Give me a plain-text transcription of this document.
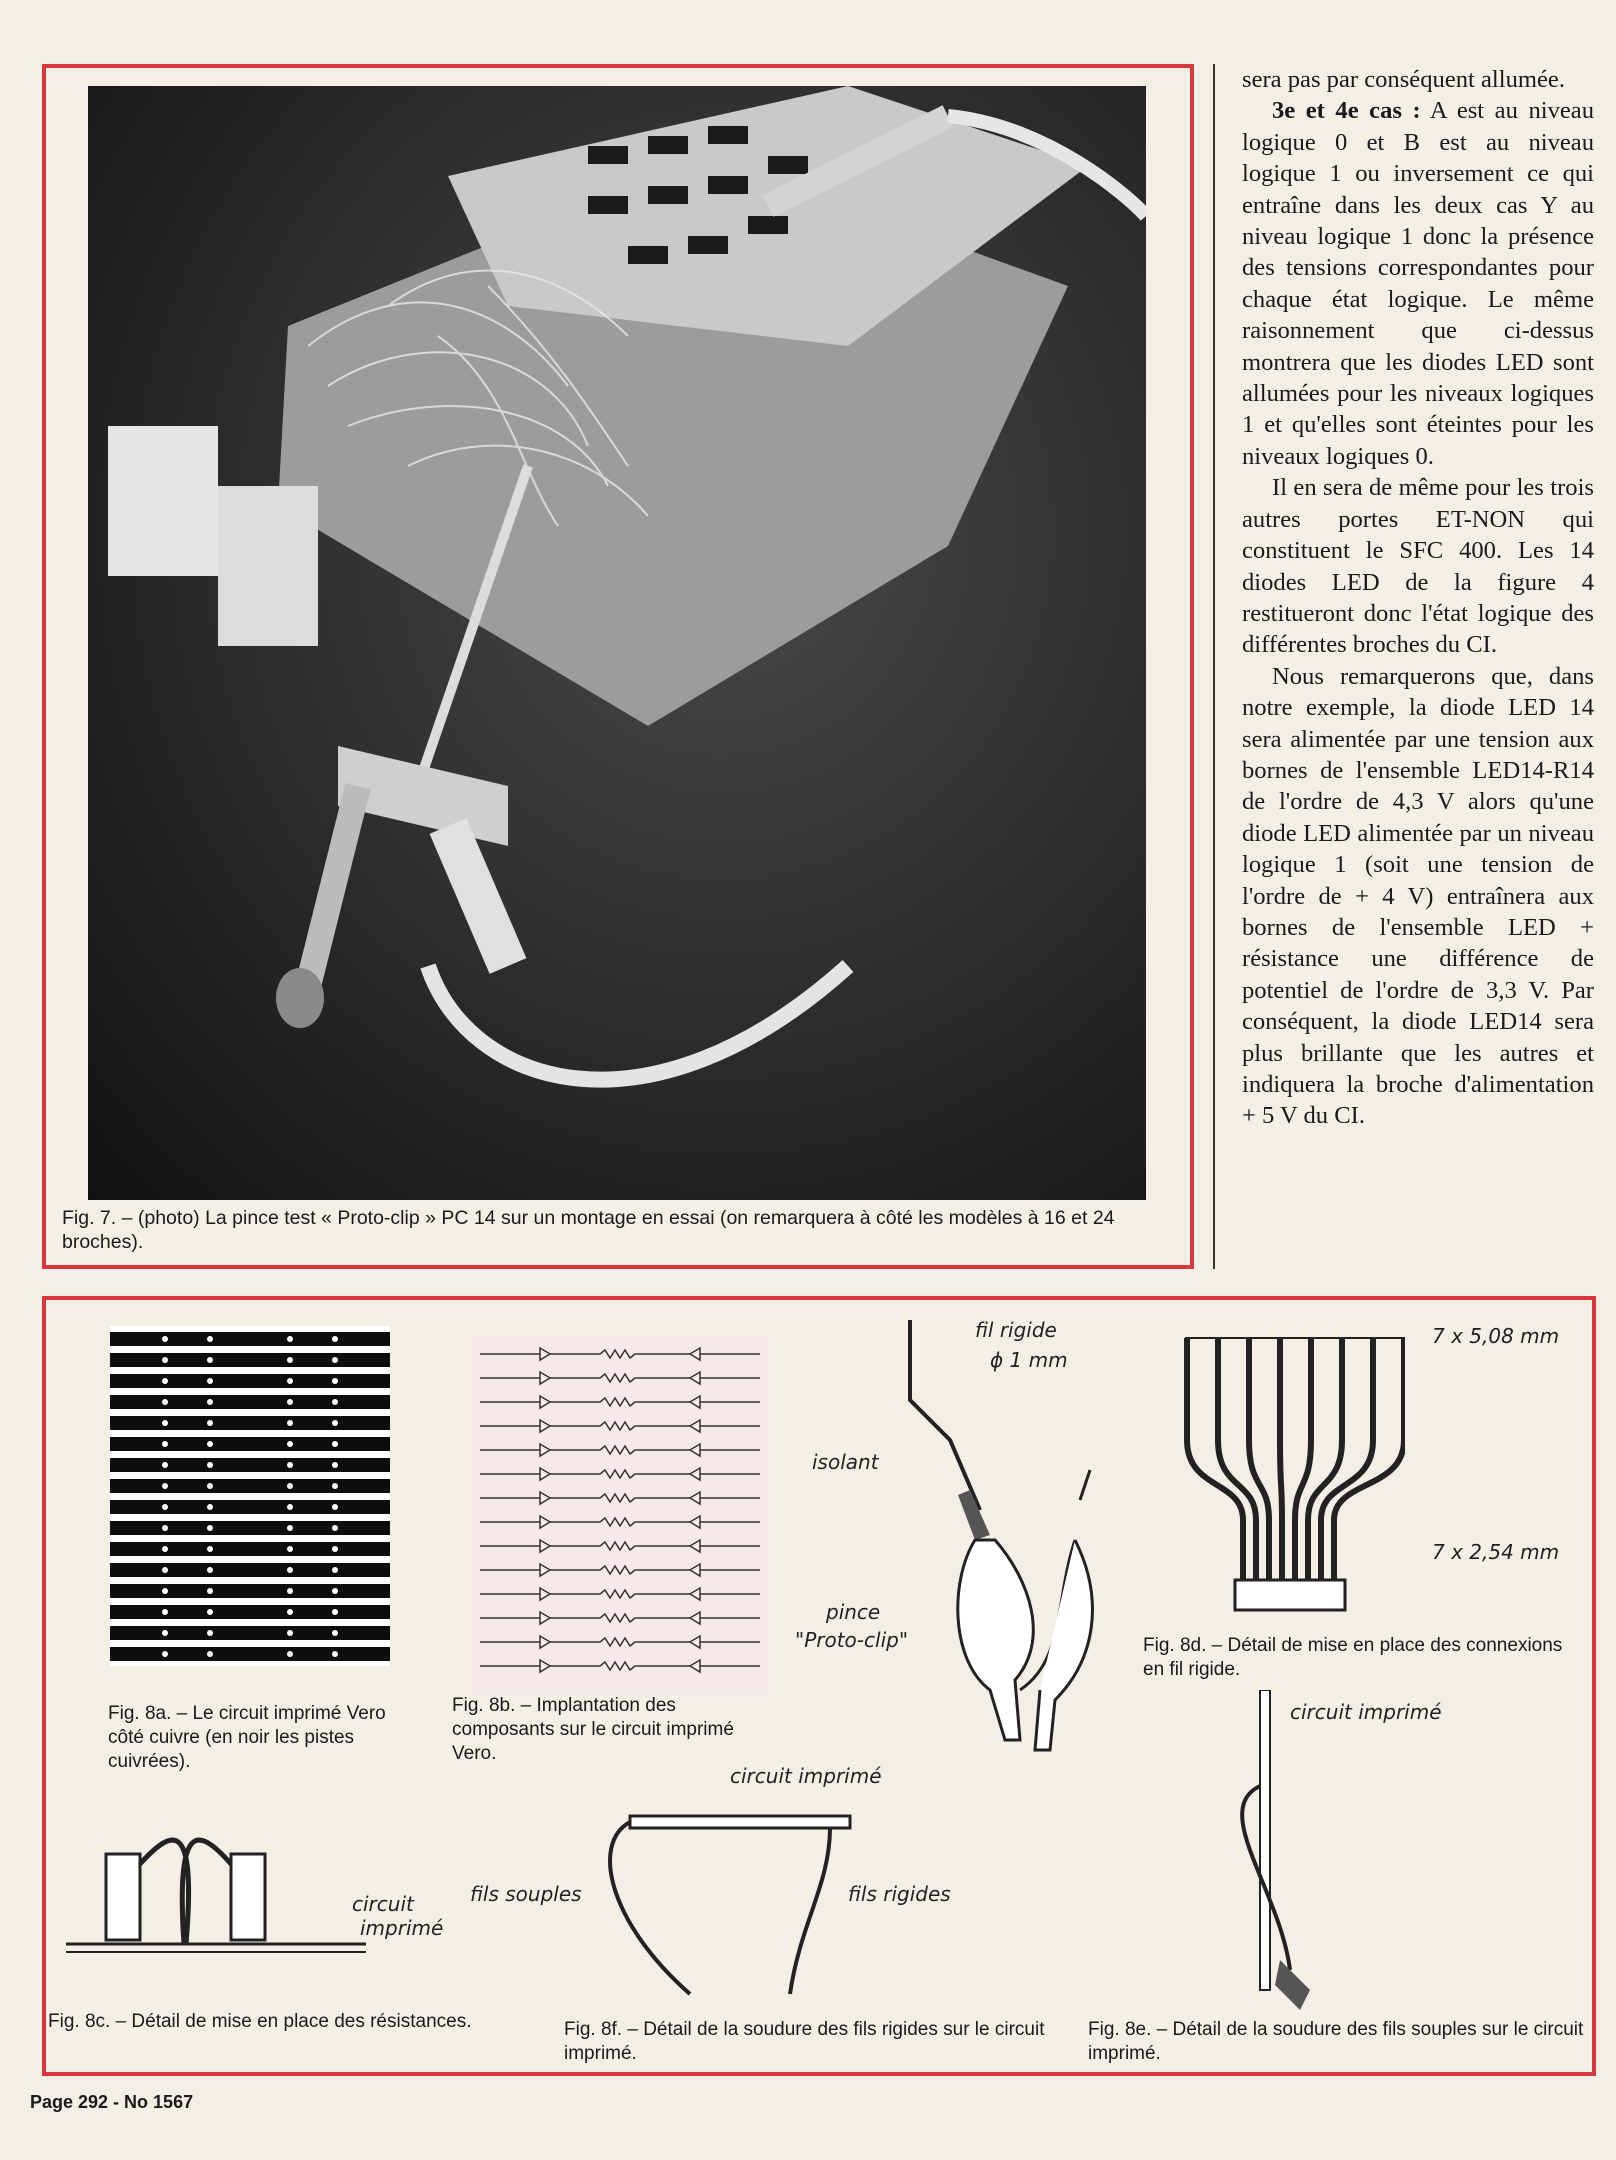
Fig. 7. – (photo) La pince test « Proto-clip » PC 14 sur un montage en essai (on remarquera à côté les modèles à 16 et 24 broches).

sera pas par conséquent allumée.

3e et 4e cas : A est au niveau logique 0 et B est au niveau logique 1 ou inversement ce qui entraîne dans les deux cas Y au niveau logique 1 donc la présence des tensions correspondantes pour chaque état logique. Le même raisonnement que ci-dessus montrera que les diodes LED sont allumées pour les niveaux logiques 1 et qu'elles sont éteintes pour les niveaux logiques 0.

Il en sera de même pour les trois autres portes ET-NON qui constituent le SFC 400. Les 14 diodes LED de la figure 4 restitueront donc l'état logique des différentes broches du CI.

Nous remarquerons que, dans notre exemple, la diode LED 14 sera alimentée par une tension aux bornes de l'ensemble LED14-R14 de l'ordre de 4,3 V alors qu'une diode LED alimentée par un niveau logique 1 (soit une tension de l'ordre de + 4 V) entraînera aux bornes de l'ensemble LED + résistance une différence de potentiel de l'ordre de 3,3 V. Par conséquent, la diode LED14 sera plus brillante que les autres et indiquera la broche d'alimentation + 5 V du CI.

Fig. 8a. – Le circuit imprimé Vero côté cuivre (en noir les pistes cuivrées).
Fig. 8b. – Implantation des composants sur le circuit imprimé Vero.
fil rigide
ϕ 1 mm
isolant
pince
"Proto-clip"
7 x 5,08 mm
7 x 2,54 mm
Fig. 8d. – Détail de mise en place des connexions en fil rigide.
circuit imprimé
Fig. 8e. – Détail de la soudure des fils souples sur le circuit imprimé.
circuit
imprimé
Fig. 8c. – Détail de mise en place des résistances.
circuit imprimé
fils souples	fils rigides
Fig. 8f. – Détail de la soudure des fils rigides sur le circuit imprimé.
Page 292 - No 1567
